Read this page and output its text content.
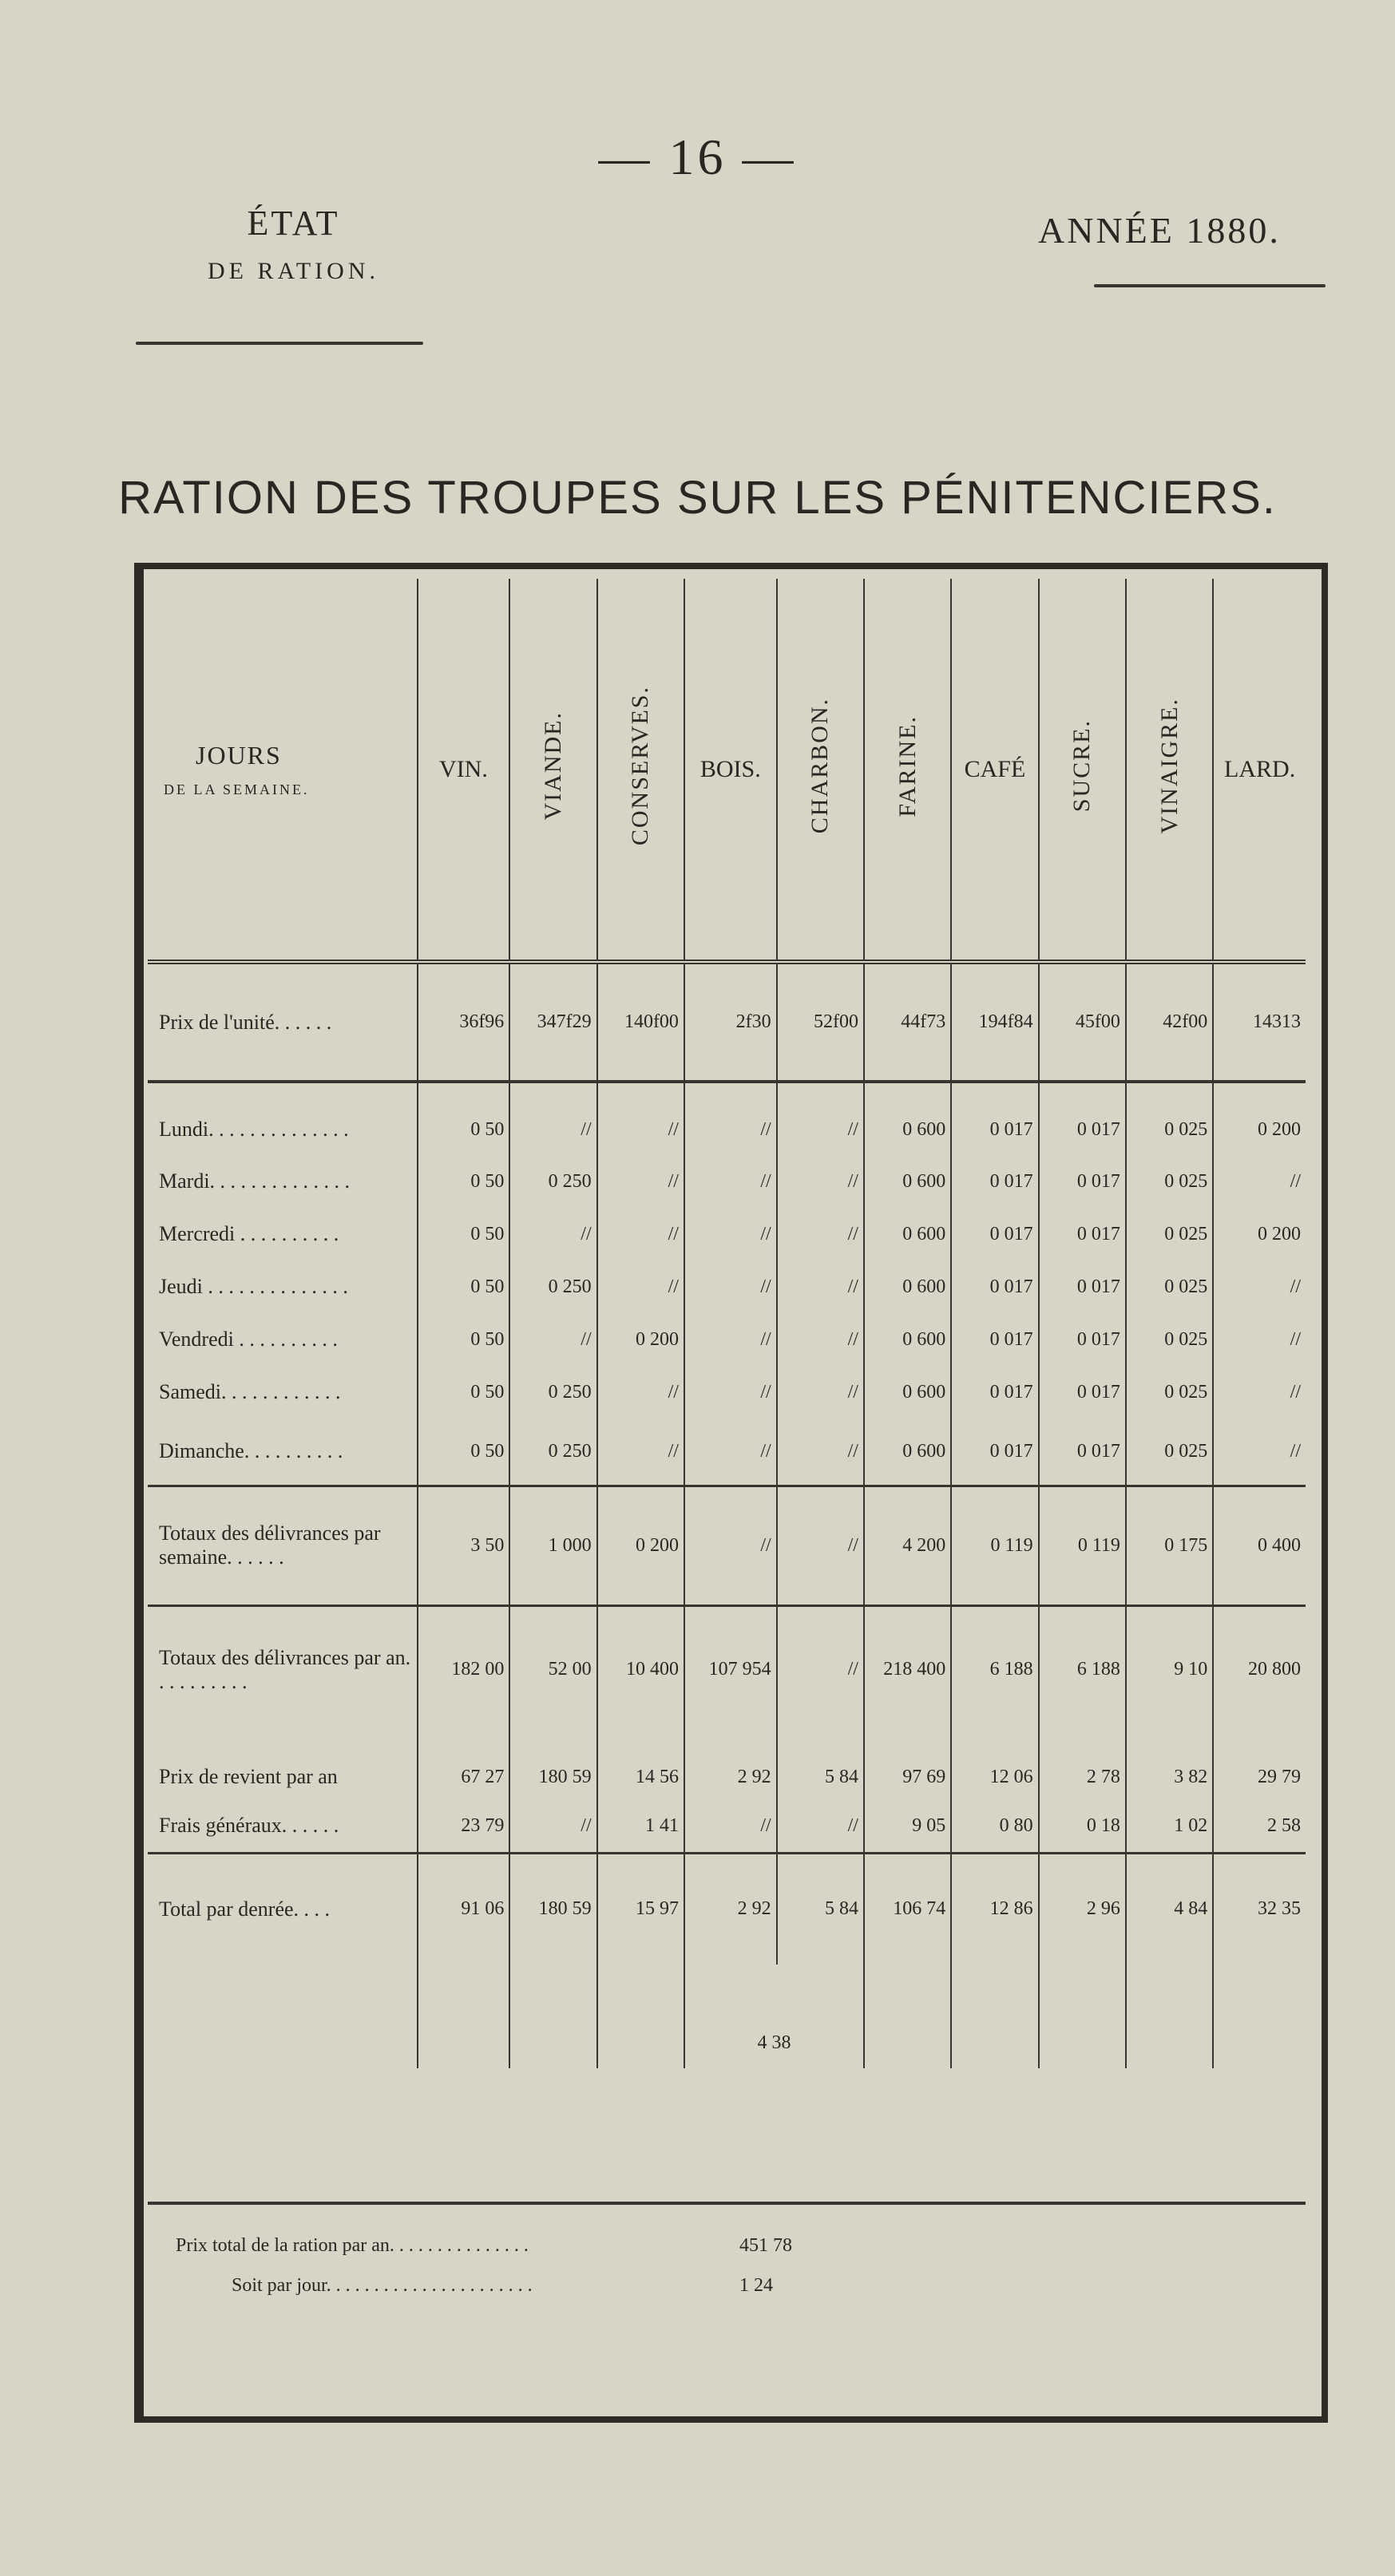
— 16 —
ÉTAT
DE RATION.
ANNÉE 1880.
RATION DES TROUPES SUR LES PÉNITENCIERS.
JOURS
DE LA SEMAINE.	VIN.	VIANDE.	CONSERVES.	BOIS.	CHARBON.	FARINE.	CAFÉ	SUCRE.	VINAIGRE.	LARD.
Prix de l'unité. . . . . .	36f96	347f29	140f00	2f30	52f00	44f73	194f84	45f00	42f00	14313
Lundi. . . . . . . . . . . . . .	0 50	//	//	//	//	0 600	0 017	0 017	0 025	0 200
Mardi. . . . . . . . . . . . . .	0 50	0 250	//	//	//	0 600	0 017	0 017	0 025	//
Mercredi . . . . . . . . . .	0 50	//	//	//	//	0 600	0 017	0 017	0 025	0 200
Jeudi . . . . . . . . . . . . . .	0 50	0 250	//	//	//	0 600	0 017	0 017	0 025	//
Vendredi . . . . . . . . . .	0 50	//	0 200	//	//	0 600	0 017	0 017	0 025	//
Samedi. . . . . . . . . . . .	0 50	0 250	//	//	//	0 600	0 017	0 017	0 025	//
Dimanche. . . . . . . . . .	0 50	0 250	//	//	//	0 600	0 017	0 017	0 025	//
Totaux des délivrances par semaine. . . . . .	3 50	1 000	0 200	//	//	4 200	0 119	0 119	0 175	0 400
Totaux des délivrances par an. . . . . . . . . .	182 00	52 00	10 400	107 954	//	218 400	6 188	6 188	9 10	20 800
Prix de revient par an	67 27	180 59	14 56	2 92	5 84	97 69	12 06	2 78	3 82	29 79
Frais généraux. . . . . .	23 79	//	1 41	//	//	9 05	0 80	0 18	1 02	2 58
Total par denrée. . . .	91 06	180 59	15 97	2 92	5 84	106 74	12 86	2 96	4 84	32 35
				4 38						
Prix total de la ration par an. . . . . . . . . . . . . . .	451 78
Soit par jour. . . . . . . . . . . . . . . . . . . . . .	1 24
